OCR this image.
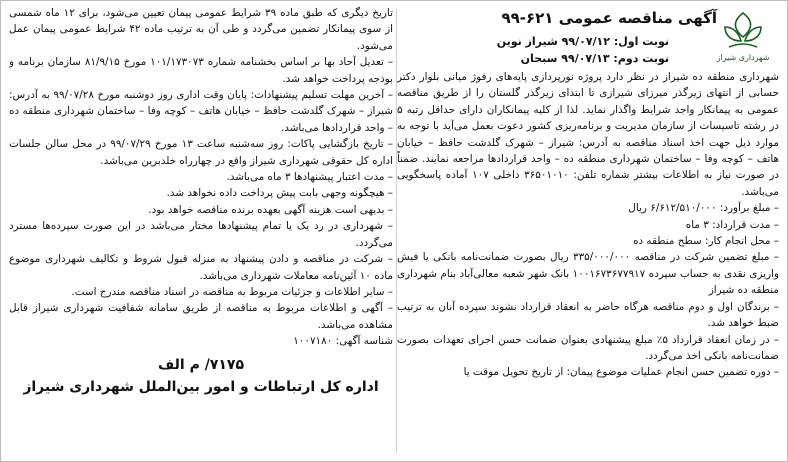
آگهی مناقصه عمومی ۶۲۱-۹۹
شهرداری شیراز
نوبت اول: ۹۹/۰۷/۱۲ شیراز نوین
نوبت دوم: ۹۹/۰۷/۱۳ سبحان

شهرداری منطقه ده شیراز در نظر دارد پروژه نورپردازی پایه‌های رفوژ میانی بلوار دکتر حسابی از انتهای زیرگذر میرزای شیرازی تا ابتدای زیرگذر گلستان را از طریق مناقصه عمومی به پیمانکار واجد شرایط واگذار نماید. لذا از کلیه پیمانکاران دارای حداقل رتبه ۵ در رشته تاسیسات از سازمان مدیریت و برنامه‌ریزی کشور دعوت بعمل می‌آید با توجه به موارد ذیل جهت اخذ اسناد مناقصه به آدرس: شیراز – شهرک گلدشت حافظ – خیابان هاتف – کوچه وفا – ساختمان شهرداری منطقه ده – واحد قراردادها مراجعه نمایند. ضمناً در صورت نیاز به اطلاعات بیشتر شماره تلفن: ۳۶۵۰۱۰۱۰ داخلی ۱۰۷ آماده پاسخگویی می‌باشد.

– مبلغ برآورد: ۶/۶۱۲/۵۱۰/۰۰۰ ریال

– مدت قرارداد: ۳ ماه

– محل انجام کار: سطح منطقه ده

– مبلغ تضمین شرکت در مناقصه ۳۳۵/۰۰۰/۰۰۰ ریال بصورت ضمانت‌نامه بانکی یا فیش واریزی نقدی به حساب سپرده ۱۰۰۱۶۷۳۶۷۷۹۱۷ بانک شهر شعبه معالی‌آباد بنام شهرداری منطقه ده شیراز

– برندگان اول و دوم مناقصه هرگاه حاضر به انعقاد قرارداد نشوند سپرده آنان به ترتیب ضبط خواهد شد.

– در زمان انعقاد قرارداد ۵٪ مبلغ پیشنهادی بعنوان ضمانت حسن اجرای تعهدات بصورت ضمانت‌نامه بانکی اخذ می‌گردد.

– دوره تضمین حسن انجام عملیات موضوع پیمان: از تاریخ تحویل موقت یا

تاریخ دیگری که طبق ماده ۳۹ شرایط عمومی پیمان تعیین می‌شود، برای ۱۲ ماه شمسی از سوی پیمانکار تضمین می‌گردد و طی آن به ترتیب ماده ۴۲ شرایط عمومی پیمان عمل می‌شود.

– تعدیل آحاد بها بر اساس بخشنامه شماره ۱۰۱/۱۷۳۰۷۳ مورخ ۸۱/۹/۱۵ سازمان برنامه و بودجه پرداخت خواهد شد.

– آخرین مهلت تسلیم پیشنهادات: پایان وقت اداری روز دوشنبه مورخ ۹۹/۰۷/۲۸ به آدرس: شیراز – شهرک گلدشت حافظ – خیابان هاتف – کوچه وفا – ساختمان شهرداری منطقه ده – واحد قراردادها می‌باشد.

– تاریخ بازگشایی پاکات: روز سه‌شنبه ساعت ۱۳ مورخ ۹۹/۰۷/۲۹ در محل سالن جلسات اداره کل حقوقی شهرداری شیراز واقع در چهارراه خلدبرین می‌باشد.

– مدت اعتبار پیشنهادها ۳ ماه می‌باشد.

– هیچگونه وجهی بابت پیش پرداخت داده نخواهد شد.

– بدیهی است هزینه آگهی بعهده برنده مناقصه خواهد بود.

– شهرداری در رد یک یا تمام پیشنهادها مختار می‌باشد در این صورت سپرده‌ها مسترد می‌گردد.

– شرکت در مناقصه و دادن پیشنهاد به منزله قبول شروط و تکالیف شهرداری موضوع ماده ۱۰ آئین‌نامه معاملات شهرداری می‌باشد.

– سایر اطلاعات و جزئیات مربوط به مناقصه در اسناد مناقصه مندرج است.

– آگهی و اطلاعات مربوط به مناقصه از طریق سامانه شفافیت شهرداری شیراز قابل مشاهده می‌باشد.

شناسه آگهی: ۱۰۰۷۱۸۰

۷۱۷۵/ م الف
اداره کل ارتباطات و امور بین‌الملل شهرداری شیراز
